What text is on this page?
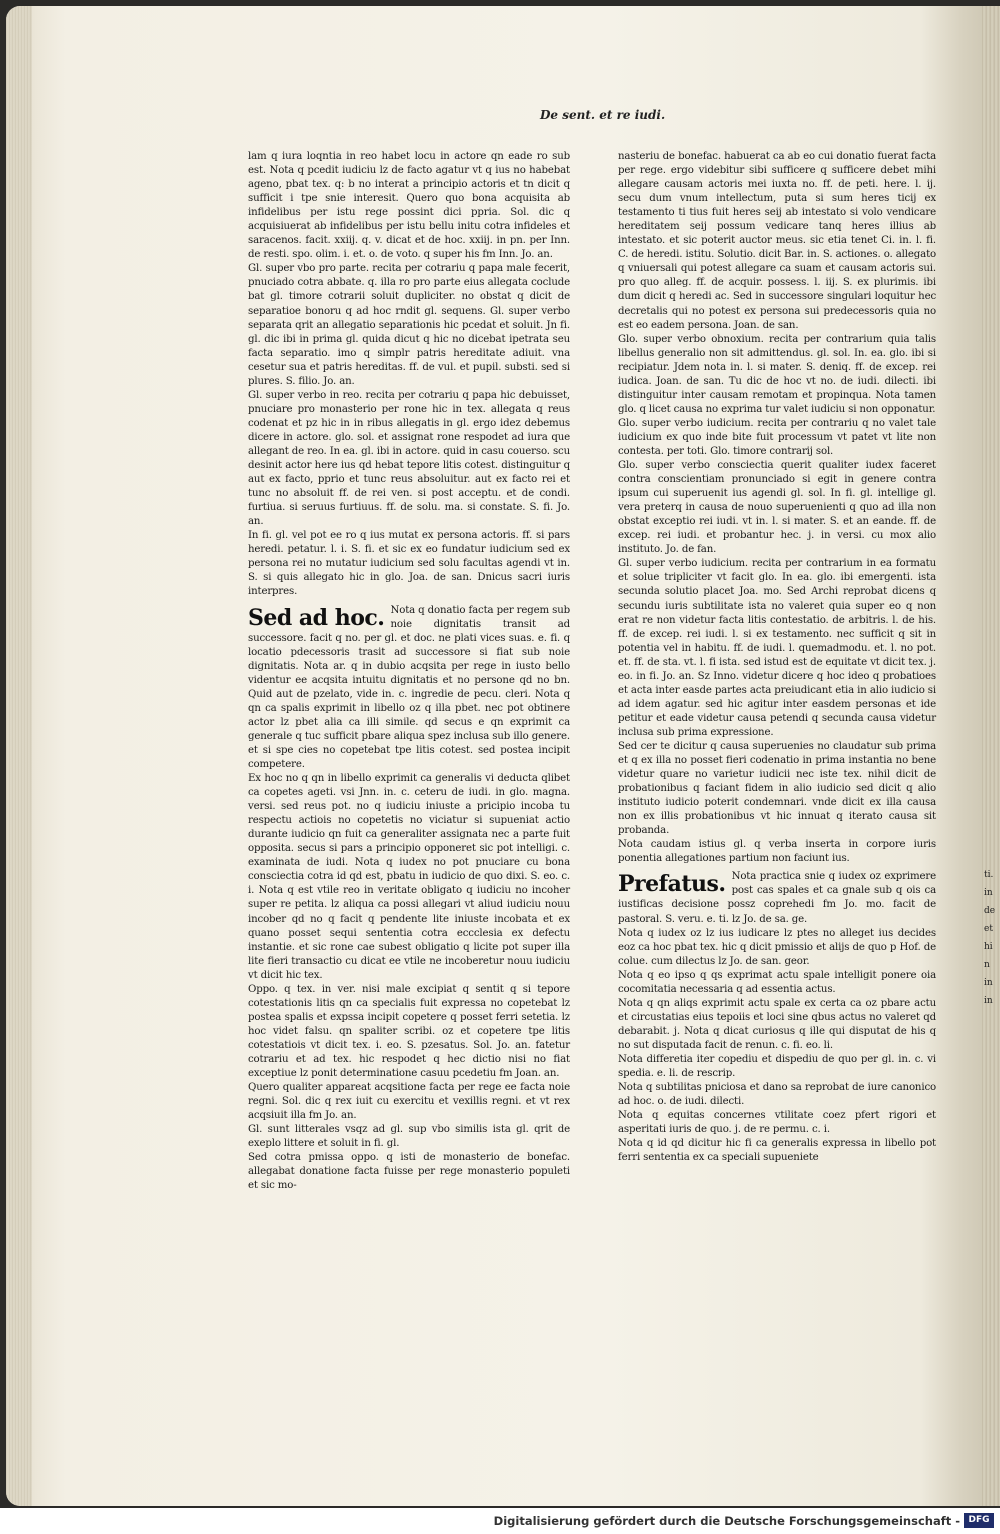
ti.
in
de
et
hi
n
in
in
De sent. et re iudi.

lam q iura loqntia in reo habet locu in actore qn eade ro sub est. Nota q pcedit iudiciu lz de facto agatur vt q ius no habebat ageno, pbat tex. q: b no interat a principio actoris et tn dicit q sufficit i tpe snie interesit. Quero quo bona acquisita ab infidelibus per istu rege possint dici ppria. Sol. dic q acquisiuerat ab infidelibus per istu bellu initu cotra infideles et saracenos. facit. xxiij. q. v. dicat et de hoc. xxiij. in pn. per Inn. de resti. spo. olim. i. et. o. de voto. q super his fm Inn. Jo. an.

Gl. super vbo pro parte. recita per cotrariu q papa male fecerit, pnuciado cotra abbate. q. illa ro pro parte eius allegata coclude bat gl. timore cotrarii soluit dupliciter. no obstat q dicit de separatioe bonoru q ad hoc rndit gl. sequens. Gl. super verbo separata qrit an allegatio separationis hic pcedat et soluit. Jn fi. gl. dic ibi in prima gl. quida dicut q hic no dicebat ipetrata seu facta separatio. imo q simplr patris hereditate adiuit. vna cesetur sua et patris hereditas. ff. de vul. et pupil. substi. sed si plures. S. filio. Jo. an.

Gl. super verbo in reo. recita per cotrariu q papa hic debuisset, pnuciare pro monasterio per rone hic in tex. allegata q reus codenat et pz hic in in ribus allegatis in gl. ergo idez debemus dicere in actore. glo. sol. et assignat rone respodet ad iura que allegant de reo. In ea. gl. ibi in actore. quid in casu couerso. scu desinit actor here ius qd hebat tepore litis cotest. distinguitur q aut ex facto, pprio et tunc reus absoluitur. aut ex facto rei et tunc no absoluit ff. de rei ven. si post acceptu. et de condi. furtiua. si seruus furtiuus. ff. de solu. ma. si constate. S. fi. Jo. an.

In fi. gl. vel pot ee ro q ius mutat ex persona actoris. ff. si pars heredi. petatur. l. i. S. fi. et sic ex eo fundatur iudicium sed ex persona rei no mutatur iudicium sed solu facultas agendi vt in. S. si quis allegato hic in glo. Joa. de san. Dnicus sacri iuris interpres.

Sed ad hoc. Nota q donatio facta per regem sub noie dignitatis transit ad successore. facit q no. per gl. et doc. ne plati vices suas. e. fi. q locatio pdecessoris trasit ad successore si fiat sub noie dignitatis. Nota ar. q in dubio acqsita per rege in iusto bello videntur ee acqsita intuitu dignitatis et no persone qd no bn. Quid aut de pzelato, vide in. c. ingredie de pecu. cleri. Nota q qn ca spalis exprimit in libello oz q illa pbet. nec pot obtinere actor lz pbet alia ca illi simile. qd secus e qn exprimit ca generale q tuc sufficit pbare aliqua spez inclusa sub illo genere. et si spe cies no copetebat tpe litis cotest. sed postea incipit competere.

Ex hoc no q qn in libello exprimit ca generalis vi deducta qlibet ca copetes ageti. vsi Jnn. in. c. ceteru de iudi. in glo. magna. versi. sed reus pot. no q iudiciu iniuste a pricipio incoba tu respectu actiois no copetetis no viciatur si supueniat actio durante iudicio qn fuit ca generaliter assignata nec a parte fuit opposita. secus si pars a principio opponeret sic pot intelligi. c. examinata de iudi. Nota q iudex no pot pnuciare cu bona consciectia cotra id qd est, pbatu in iudicio de quo dixi. S. eo. c. i. Nota q est vtile reo in veritate obligato q iudiciu no incoher super re petita. lz aliqua ca possi allegari vt aliud iudiciu nouu incober qd no q facit q pendente lite iniuste incobata et ex quano posset sequi sententia cotra eccclesia ex defectu instantie. et sic rone cae subest obligatio q licite pot super illa lite fieri transactio cu dicat ee vtile ne incoberetur nouu iudiciu vt dicit hic tex.

Oppo. q tex. in ver. nisi male excipiat q sentit q si tepore cotestationis litis qn ca specialis fuit expressa no copetebat lz postea spalis et expssa incipit copetere q posset ferri setetia. lz hoc videt falsu. qn spaliter scribi. oz et copetere tpe litis cotestatiois vt dicit tex. i. eo. S. pzesatus. Sol. Jo. an. fatetur cotrariu et ad tex. hic respodet q hec dictio nisi no fiat exceptiue lz ponit determinatione casuu pcedetiu fm Joan. an.

Quero qualiter appareat acqsitione facta per rege ee facta noie regni. Sol. dic q rex iuit cu exercitu et vexillis regni. et vt rex acqsiuit illa fm Jo. an.

Gl. sunt litterales vsqz ad gl. sup vbo similis ista gl. qrit de exeplo littere et soluit in fi. gl.

Sed cotra pmissa oppo. q isti de monasterio de bonefac. allegabat donatione facta fuisse per rege monasterio populeti et sic mo-

nasteriu de bonefac. habuerat ca ab eo cui donatio fuerat facta per rege. ergo videbitur sibi sufficere q sufficere debet mihi allegare causam actoris mei iuxta no. ff. de peti. here. l. ij. secu dum vnum intellectum, puta si sum heres ticij ex testamento ti tius fuit heres seij ab intestato si volo vendicare hereditatem seij possum vedicare tanq heres illius ab intestato. et sic poterit auctor meus. sic etia tenet Ci. in. l. fi. C. de heredi. istitu. Solutio. dicit Bar. in. S. actiones. o. allegato q vniuersali qui potest allegare ca suam et causam actoris sui. pro quo alleg. ff. de acquir. possess. l. iij. S. ex plurimis. ibi dum dicit q heredi ac. Sed in successore singulari loquitur hec decretalis qui no potest ex persona sui predecessoris quia no est eo eadem persona. Joan. de san.

Glo. super verbo obnoxium. recita per contrarium quia talis libellus generalio non sit admittendus. gl. sol. In. ea. glo. ibi si recipiatur. Jdem nota in. l. si mater. S. deniq. ff. de excep. rei iudica. Joan. de san. Tu dic de hoc vt no. de iudi. dilecti. ibi distinguitur inter causam remotam et propinqua. Nota tamen glo. q licet causa no exprima tur valet iudiciu si non opponatur.

Glo. super verbo iudicium. recita per contrariu q no valet tale iudicium ex quo inde bite fuit processum vt patet vt lite non contesta. per toti. Glo. timore contrarij sol.

Glo. super verbo consciectia querit qualiter iudex faceret contra conscientiam pronunciado si egit in genere contra ipsum cui superuenit ius agendi gl. sol. In fi. gl. intellige gl. vera preterq in causa de nouo superuenienti q quo ad illa non obstat exceptio rei iudi. vt in. l. si mater. S. et an eande. ff. de excep. rei iudi. et probantur hec. j. in versi. cu mox alio instituto. Jo. de fan.

Gl. super verbo iudicium. recita per contrarium in ea formatu et solue tripliciter vt facit glo. In ea. glo. ibi emergenti. ista secunda solutio placet Joa. mo. Sed Archi reprobat dicens q secundu iuris subtilitate ista no valeret quia super eo q non erat re non videtur facta litis contestatio. de arbitris. l. de his. ff. de excep. rei iudi. l. si ex testamento. nec sufficit q sit in potentia vel in habitu. ff. de iudi. l. quemadmodu. et. l. no pot. et. ff. de sta. vt. l. fi ista. sed istud est de equitate vt dicit tex. j. eo. in fi. Jo. an. Sz Inno. videtur dicere q hoc ideo q probatioes et acta inter easde partes acta preiudicant etia in alio iudicio si ad idem agatur. sed hic agitur inter easdem personas et ide petitur et eade videtur causa petendi q secunda causa videtur inclusa sub prima expressione.

Sed cer te dicitur q causa superuenies no claudatur sub prima et q ex illa no posset fieri codenatio in prima instantia no bene videtur quare no varietur iudicii nec iste tex. nihil dicit de probationibus q faciant fidem in alio iudicio sed dicit q alio instituto iudicio poterit condemnari. vnde dicit ex illa causa non ex illis probationibus vt hic innuat q iterato causa sit probanda.

Nota caudam istius gl. q verba inserta in corpore iuris ponentia allegationes partium non faciunt ius.

Prefatus. Nota practica snie q iudex oz exprimere post cas spales et ca gnale sub q ois ca iustificas decisione possz coprehedi fm Jo. mo. facit de pastoral. S. veru. e. ti. lz Jo. de sa. ge.

Nota q iudex oz lz ius iudicare lz ptes no alleget ius decides eoz ca hoc pbat tex. hic q dicit pmissio et alijs de quo p Hof. de colue. cum dilectus lz Jo. de san. geor.

Nota q eo ipso q qs exprimat actu spale intelligit ponere oia cocomitatia necessaria q ad essentia actus.

Nota q qn aliqs exprimit actu spale ex certa ca oz pbare actu et circustatias eius tepoiis et loci sine qbus actus no valeret qd debarabit. j. Nota q dicat curiosus q ille qui disputat de his q no sut disputada facit de renun. c. fi. eo. li.

Nota differetia iter copediu et dispediu de quo per gl. in. c. vi spedia. e. li. de rescrip.

Nota q subtilitas pniciosa et dano sa reprobat de iure canonico ad hoc. o. de iudi. dilecti.

Nota q equitas concernes vtilitate coez pfert rigori et asperitati iuris de quo. j. de re permu. c. i.

Nota q id qd dicitur hic fi ca generalis expressa in libello pot ferri sententia ex ca speciali supueniete

Digitalisierung gefördert durch die Deutsche Forschungsgemeinschaft - DFG
